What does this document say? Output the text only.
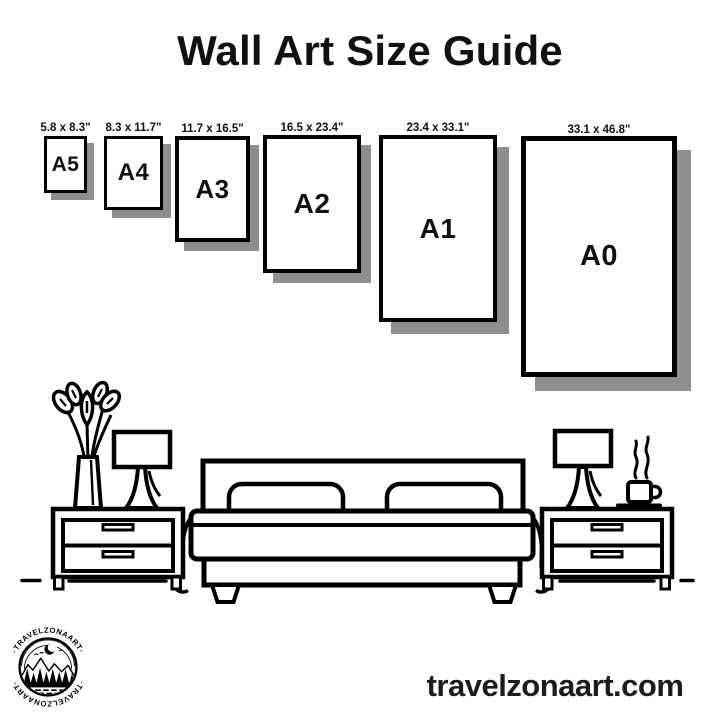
Wall Art Size Guide
5.8 x 8.3"
A5
8.3 x 11.7"
A4
11.7 x 16.5"
A3
16.5 x 23.4"
A2
23.4 x 33.1"
A1
33.1 x 46.8"
A0
·TRAVELZONAART·
·TRAVELZONAART·	travelzonaart.com
